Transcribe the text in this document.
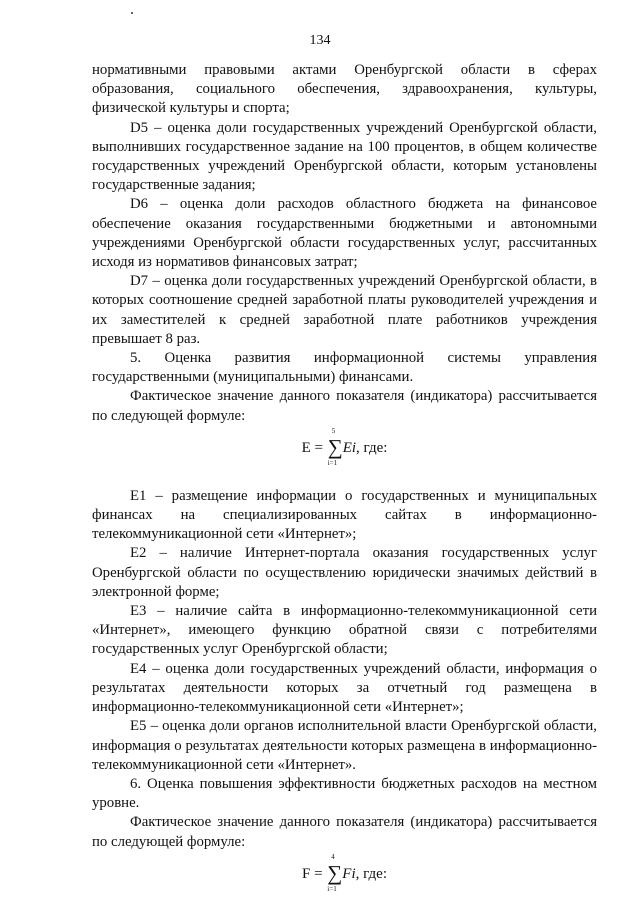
134

нормативными правовыми актами Оренбургской области в сферах образования, социального обеспечения, здравоохранения, культуры, физической культуры и спорта;

D5 – оценка доли государственных учреждений Оренбургской области, выполнивших государственное задание на 100 процентов, в общем количестве государственных учреждений Оренбургской области, которым установлены государственные задания;

D6 – оценка доли расходов областного бюджета на финансовое обеспечение оказания государственными бюджетными и автономными учреждениями Оренбургской области государственных услуг, рассчитанных исходя из нормативов финансовых затрат;

D7 – оценка доли государственных учреждений Оренбургской области, в которых соотношение средней заработной платы руководителей учреждения и их заместителей к средней заработной плате работников учреждения превышает 8 раз.

5. Оценка развития информационной системы управления государственными (муниципальными) финансами.

Фактическое значение данного показателя (индикатора) рассчитывается по следующей формуле:

E =
5
∑
i=1
Ei, где:

E1 – размещение информации о государственных и муниципальных финансах на специализированных сайтах в информационно-телекоммуникационной сети «Интернет»;

E2 – наличие Интернет-портала оказания государственных услуг Оренбургской области по осуществлению юридически значимых действий в электронной форме;

E3 – наличие сайта в информационно-телекоммуникационной сети «Интернет», имеющего функцию обратной связи с потребителями государственных услуг Оренбургской области;

E4 – оценка доли государственных учреждений области, информация о результатах деятельности которых за отчетный год размещена в информационно-телекоммуникационной сети «Интернет»;

E5 – оценка доли органов исполнительной власти Оренбургской области, информация о результатах деятельности которых размещена в информационно-телекоммуникационной сети «Интернет».

6. Оценка повышения эффективности бюджетных расходов на местном уровне.

Фактическое значение данного показателя (индикатора) рассчитывается по следующей формуле:

F =
4
∑
i=1
Fi, где:
